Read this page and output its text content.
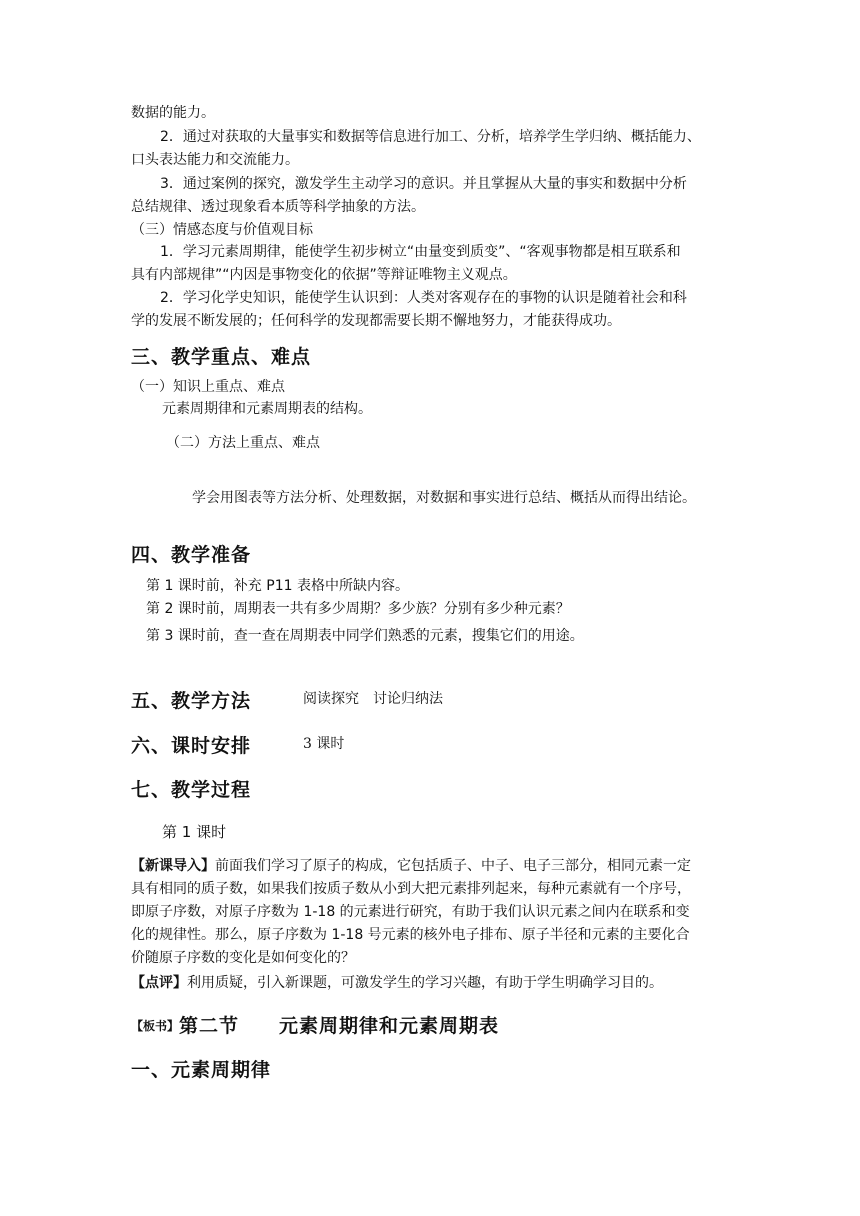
数据的能力。
2．通过对获取的大量事实和数据等信息进行加工、分析，培养学生学归纳、概括能力、
口头表达能力和交流能力。
3．通过案例的探究，激发学生主动学习的意识。并且掌握从大量的事实和数据中分析
总结规律、透过现象看本质等科学抽象的方法。
（三）情感态度与价值观目标
1．学习元素周期律，能使学生初步树立“由量变到质变”、“客观事物都是相互联系和
具有内部规律”“内因是事物变化的依据”等辩证唯物主义观点。
2．学习化学史知识，能使学生认识到：人类对客观存在的事物的认识是随着社会和科
学的发展不断发展的；任何科学的发现都需要长期不懈地努力，才能获得成功。
三、教学重点、难点
（一）知识上重点、难点
元素周期律和元素周期表的结构。
（二）方法上重点、难点
学会用图表等方法分析、处理数据，对数据和事实进行总结、概括从而得出结论。
四、教学准备
第 1 课时前，补充 P11 表格中所缺内容。
第 2 课时前，周期表一共有多少周期？多少族？分别有多少种元素？
第 3 课时前，查一查在周期表中同学们熟悉的元素，搜集它们的用途。
五、教学方法	阅读探究　讨论归纳法
六、课时安排	3 课时
七、教学过程
第 1 课时
【新课导入】前面我们学习了原子的构成，它包括质子、中子、电子三部分，相同元素一定
具有相同的质子数，如果我们按质子数从小到大把元素排列起来，每种元素就有一个序号，
即原子序数，对原子序数为 1-18 的元素进行研究，有助于我们认识元素之间内在联系和变
化的规律性。那么，原子序数为 1-18 号元素的核外电子排布、原子半径和元素的主要化合
价随原子序数的变化是如何变化的？
【点评】利用质疑，引入新课题，可激发学生的学习兴趣，有助于学生明确学习目的。
【板书】第二节　　元素周期律和元素周期表
一、元素周期律
